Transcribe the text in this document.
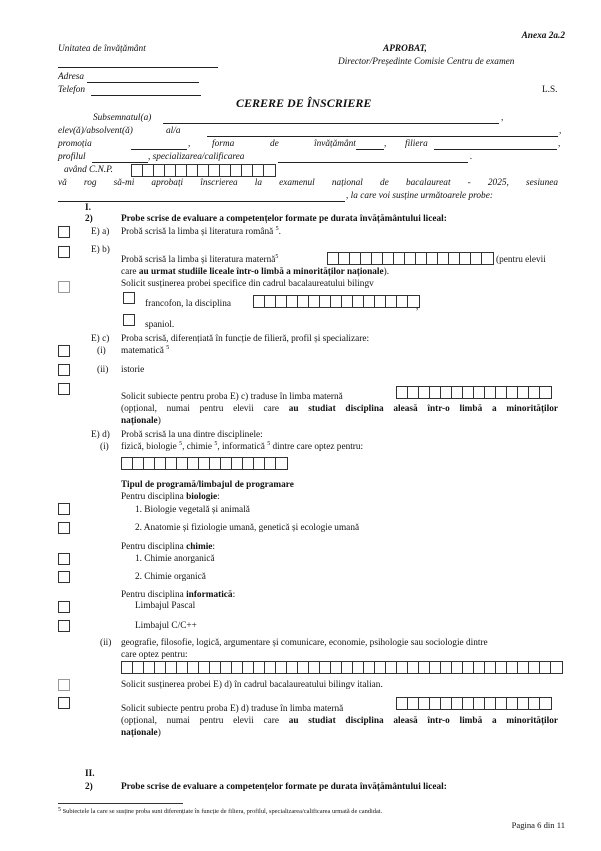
Anexa 2a.2
Unitatea de învățământ	APROBAT,
Director/Președinte Comisie Centru de examen
Adresa
Telefon	L.S.
CERERE DE ÎNSCRIERE
Subsemnatul(a)	,
elev(ă)/absolvent(ă)	al/a	,
promoția	, forma	de	învățământ	, filiera	,
profilul	, specializarea/calificarea	.
având C.N.P.
vă rog să-mi aprobați înscrierea la examenul național de bacalaureat - 2025, sesiunea
, la care voi susține următoarele probe:
I.
2)	Probe scrise de evaluare a competențelor formate pe durata învățământului liceal:
E) a) Probă scrisă la limba și literatura română $^5$.
E) b)
Probă scrisă la limba și literatura maternă$^5$	(pentru elevii
care au urmat studiile liceale într-o limbă a minorităților naționale).
Solicit susținerea probei specifice din cadrul bacalaureatului bilingv
francofon, la disciplina	,
spaniol.
E) c) Proba scrisă, diferențiată în funcție de filieră, profil și specializare:
(i) matematică $^5$
(ii) istorie
Solicit subiecte pentru proba E) c) traduse în limba maternă
(opțional, numai pentru elevii care au studiat disciplina aleasă într-o limbă a minorităților
naționale)
E) d) Probă scrisă la una dintre disciplinele:
(i) fizică, biologie $^5$, chimie $^5$, informatică $^5$ dintre care optez pentru:
Tipul de programă/limbajul de programare
Pentru disciplina biologie:
1. Biologie vegetală și animală
2. Anatomie și fiziologie umană, genetică și ecologie umană
Pentru disciplina chimie:
1. Chimie anorganică
2. Chimie organică
Pentru disciplina informatică:
Limbajul Pascal
Limbajul C/C++
(ii) geografie, filosofie, logică, argumentare și comunicare, economie, psihologie sau sociologie dintre
care optez pentru:
Solicit susținerea probei E) d) în cadrul bacalaureatului bilingv italian.
Solicit subiecte pentru proba E) d) traduse în limba maternă
(opțional, numai pentru elevii care au studiat disciplina aleasă într-o limbă a minorităților
naționale)
II.
2)	Probe scrise de evaluare a competențelor formate pe durata învățământului liceal:
$^5$ Subiectele la care se susține proba sunt diferențiate în funcție de filiera, profilul, specializarea/calificarea urmată de candidat.
Pagina 6 din 11
